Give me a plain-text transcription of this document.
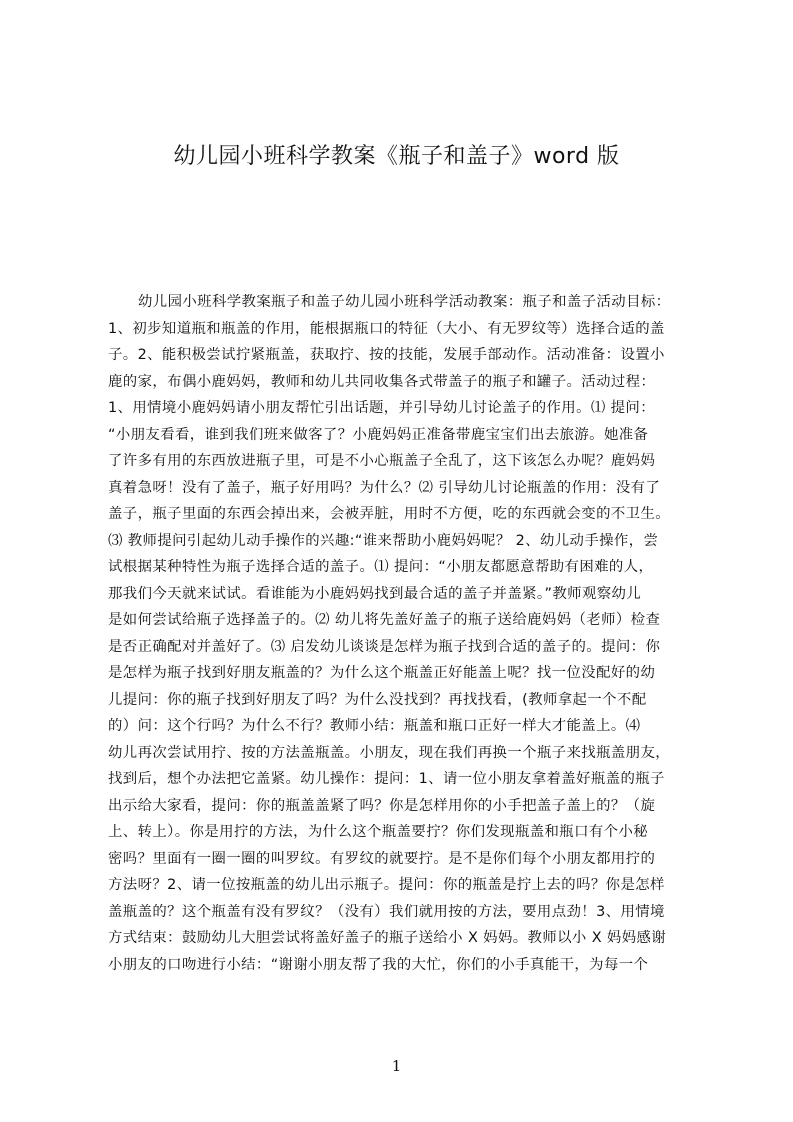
幼儿园小班科学教案《瓶子和盖子》word 版
幼儿园小班科学教案瓶子和盖子幼儿园小班科学活动教案：瓶子和盖子活动目标：
1、初步知道瓶和瓶盖的作用，能根据瓶口的特征（大小、有无罗纹等）选择合适的盖
子。2、能积极尝试拧紧瓶盖，获取拧、按的技能，发展手部动作。活动准备：设置小
鹿的家，布偶小鹿妈妈，教师和幼儿共同收集各式带盖子的瓶子和罐子。活动过程：
1、用情境小鹿妈妈请小朋友帮忙引出话题，并引导幼儿讨论盖子的作用。⑴ 提问：
“小朋友看看，谁到我们班来做客了？小鹿妈妈正准备带鹿宝宝们出去旅游。她准备
了许多有用的东西放进瓶子里，可是不小心瓶盖子全乱了，这下该怎么办呢？鹿妈妈
真着急呀！没有了盖子，瓶子好用吗？为什么？⑵ 引导幼儿讨论瓶盖的作用：没有了
盖子，瓶子里面的东西会掉出来，会被弄脏，用时不方便，吃的东西就会变的不卫生。
⑶ 教师提问引起幼儿动手操作的兴趣:“谁来帮助小鹿妈妈呢？ 2、幼儿动手操作，尝
试根据某种特性为瓶子选择合适的盖子。⑴ 提问：“小朋友都愿意帮助有困难的人，
那我们今天就来试试。看谁能为小鹿妈妈找到最合适的盖子并盖紧。”教师观察幼儿
是如何尝试给瓶子选择盖子的。⑵ 幼儿将先盖好盖子的瓶子送给鹿妈妈（老师）检查
是否正确配对并盖好了。⑶ 启发幼儿谈谈是怎样为瓶子找到合适的盖子的。提问：你
是怎样为瓶子找到好朋友瓶盖的？为什么这个瓶盖正好能盖上呢？找一位没配好的幼
儿提问：你的瓶子找到好朋友了吗？为什么没找到？再找找看，(教师拿起一个不配
的）问：这个行吗？为什么不行？教师小结：瓶盖和瓶口正好一样大才能盖上。⑷
幼儿再次尝试用拧、按的方法盖瓶盖。小朋友，现在我们再换一个瓶子来找瓶盖朋友，
找到后，想个办法把它盖紧。幼儿操作：提问：1、请一位小朋友拿着盖好瓶盖的瓶子
出示给大家看，提问：你的瓶盖盖紧了吗？你是怎样用你的小手把盖子盖上的？（旋
上、转上）。你是用拧的方法，为什么这个瓶盖要拧？你们发现瓶盖和瓶口有个小秘
密吗？里面有一圈一圈的叫罗纹。有罗纹的就要拧。是不是你们每个小朋友都用拧的
方法呀？2、请一位按瓶盖的幼儿出示瓶子。提问：你的瓶盖是拧上去的吗？你是怎样
盖瓶盖的？这个瓶盖有没有罗纹？（没有）我们就用按的方法，要用点劲！3、用情境
方式结束：鼓励幼儿大胆尝试将盖好盖子的瓶子送给小 X 妈妈。教师以小 X 妈妈感谢
小朋友的口吻进行小结：“谢谢小朋友帮了我的大忙，你们的小手真能干，为每一个
1
